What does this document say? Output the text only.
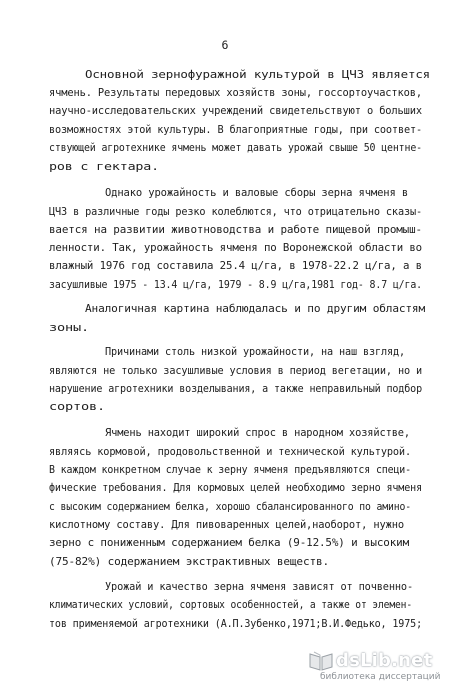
6
Основной зернофуражной культурой в ЦЧЗ является
ячмень. Результаты передовых хозяйств зоны, госсортоучастков,
научно-исследовательских учреждений свидетельствуют о больших
возможностях этой культуры. В благоприятные годы, при соответ-
ствующей агротехнике ячмень может давать урожай свыше 50 центне-
ров с гектара.
Однако урожайность и валовые сборы зерна ячменя в
ЦЧЗ в различные годы резко колеблются, что отрицательно сказы-
вается на развитии животноводства и работе пищевой промыш-
ленности. Так, урожайность ячменя по Воронежской области во
влажный 1976 год составила 25.4 ц/га, в 1978-22.2 ц/га, а в
засушливые 1975 - 13.4 ц/га, 1979 - 8.9 ц/га,1981 год- 8.7 ц/га.
Аналогичная картина наблюдалась и по другим областям
зоны.
Причинами столь низкой урожайности, на наш взгляд,
являются не только засушливые условия в период вегетации, но и
нарушение агротехники возделывания, а также неправильный подбор
сортов.
Ячмень находит широкий спрос в народном хозяйстве,
являясь кормовой, продовольственной и технической культурой.
В каждом конкретном случае к зерну ячменя предъявляются специ-
фические требования. Для кормовых целей необходимо зерно ячменя
с высоким содержанием белка, хорошо сбалансированного по амино-
кислотному составу. Для пивоваренных целей,наоборот, нужно
зерно с пониженным содержанием белка (9-12.5%) и высоким
(75-82%) содержанием экстрактивных веществ.
Урожай и качество зерна ячменя зависят от почвенно-
климатических условий, сортовых особенностей, а также от элемен-
тов применяемой агротехники (А.П.Зубенко,1971;В.И.Федько, 1975;
dsLib.net
библиотека диссертаций
